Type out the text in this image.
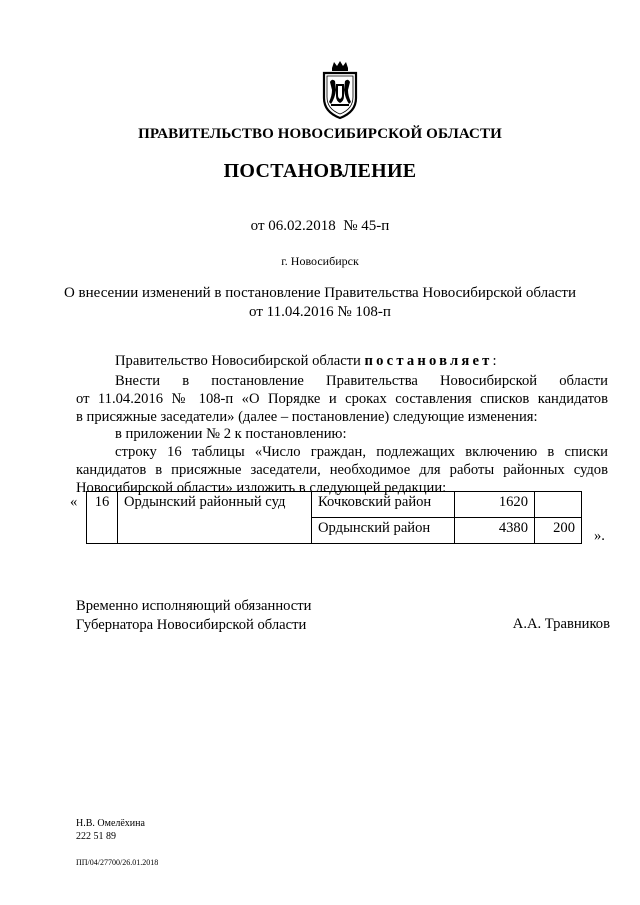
ПРАВИТЕЛЬСТВО НОВОСИБИРСКОЙ ОБЛАСТИ
ПОСТАНОВЛЕНИЕ
от 06.02.2018  № 45-п
г. Новосибирск
О внесении изменений в постановление Правительства Новосибирской области
от 11.04.2016 № 108-п
Правительство Новосибирской области постановляет:
Внести в постановление Правительства Новосибирской области
от 11.04.2016 № 108-п «О Порядке и сроках составления списков кандидатов
в присяжные заседатели» (далее – постановление) следующие изменения:
в приложении № 2 к постановлению:
строку 16 таблицы «Число граждан, подлежащих включению в списки
кандидатов в присяжные заседатели, необходимое для работы районных судов
Новосибирской области» изложить в следующей редакции:
« 16	Ордынский районный суд	Кочковский район	1620	
		Ордынский район	4380	200 ».
Временно исполняющий обязанности
Губернатора Новосибирской области	А.А. Травников
Н.В. Омелёхина
222 51 89
ПП/04/27700/26.01.2018
